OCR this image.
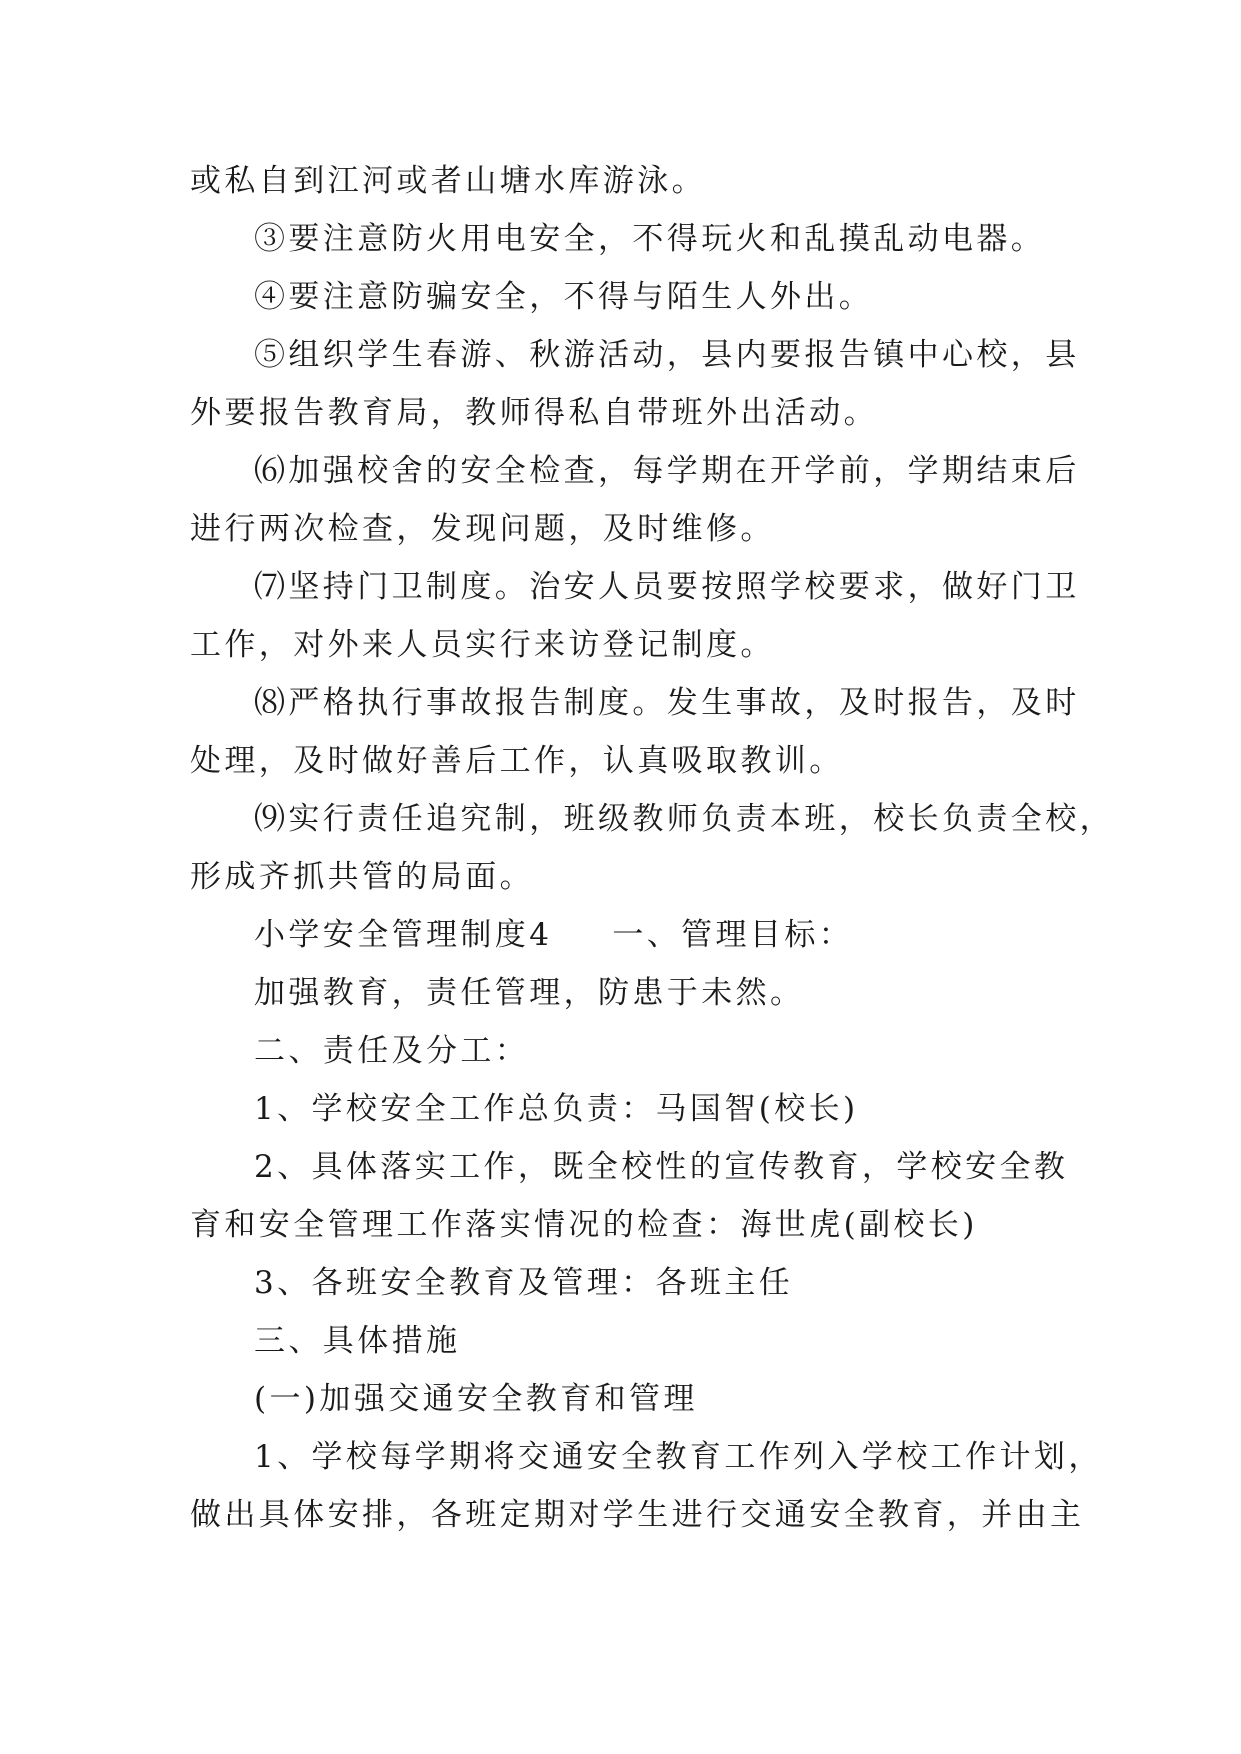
或私自到江河或者山塘水库游泳。
③要注意防火用电安全，不得玩火和乱摸乱动电器。
④要注意防骗安全，不得与陌生人外出。
⑤组织学生春游、秋游活动，县内要报告镇中心校，县
外要报告教育局，教师得私自带班外出活动。
⑹加强校舍的安全检查，每学期在开学前，学期结束后
进行两次检查，发现问题，及时维修。
⑺坚持门卫制度。治安人员要按照学校要求，做好门卫
工作，对外来人员实行来访登记制度。
⑻严格执行事故报告制度。发生事故，及时报告，及时
处理，及时做好善后工作，认真吸取教训。
⑼实行责任追究制，班级教师负责本班，校长负责全校，
形成齐抓共管的局面。
小学安全管理制度4 一、管理目标：
加强教育，责任管理，防患于未然。
二、责任及分工：
1、学校安全工作总负责：马国智(校长)
2、具体落实工作，既全校性的宣传教育，学校安全教
育和安全管理工作落实情况的检查：海世虎(副校长)
3、各班安全教育及管理：各班主任
三、具体措施
(一)加强交通安全教育和管理
1、学校每学期将交通安全教育工作列入学校工作计划，
做出具体安排，各班定期对学生进行交通安全教育，并由主
